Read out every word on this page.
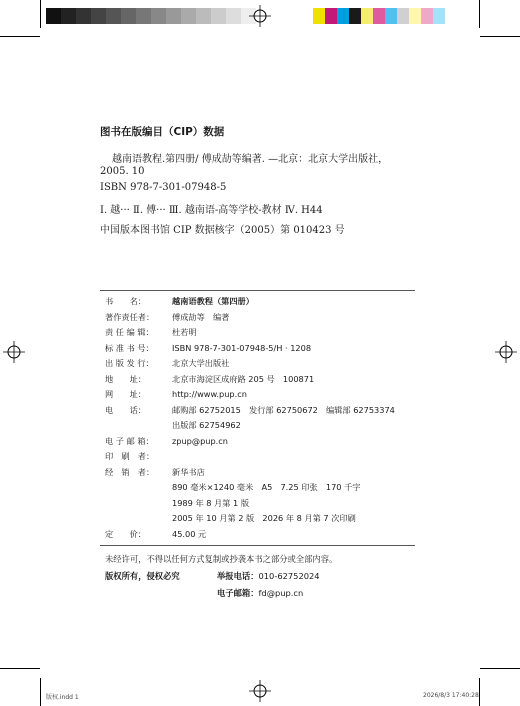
图书在版编目（CIP）数据
越南语教程.第四册/ 傅成劼等编著. —北京：北京大学出版社，
2005. 10
ISBN 978-7-301-07948-5
Ⅰ. 越··· Ⅱ. 傅··· Ⅲ. 越南语-高等学校-教材 Ⅳ. H44
中国版本图书馆 CIP 数据核字（2005）第 010423 号
书　　名：	越南语教程（第四册）
著作责任者： 傅成劼等　编著
责 任 编 辑： 杜若明
标 准 书 号： ISBN 978-7-301-07948-5/H · 1208
出 版 发 行： 北京大学出版社
地　　址：	北京市海淀区成府路 205 号　100871
网　　址：	http://www.pup.cn
电　　话：	邮购部 62752015　发行部 62750672　编辑部 62753374
出版部 62754962
电 子 邮 箱： zpup@pup.cn
印　刷　者：
经　销　者： 新华书店
890 毫米×1240 毫米　A5　7.25 印张　170 千字
1989 年 8 月第 1 版
2005 年 10 月第 2 版　2026 年 8 月第 7 次印刷
定　　价：	45.00 元
未经许可，不得以任何方式复制或抄袭本书之部分或全部内容。
版权所有，侵权必究	举报电话：010-62752024
电子邮箱：fd@pup.cn
版权.indd 1	2026/8/3 17:40:28
